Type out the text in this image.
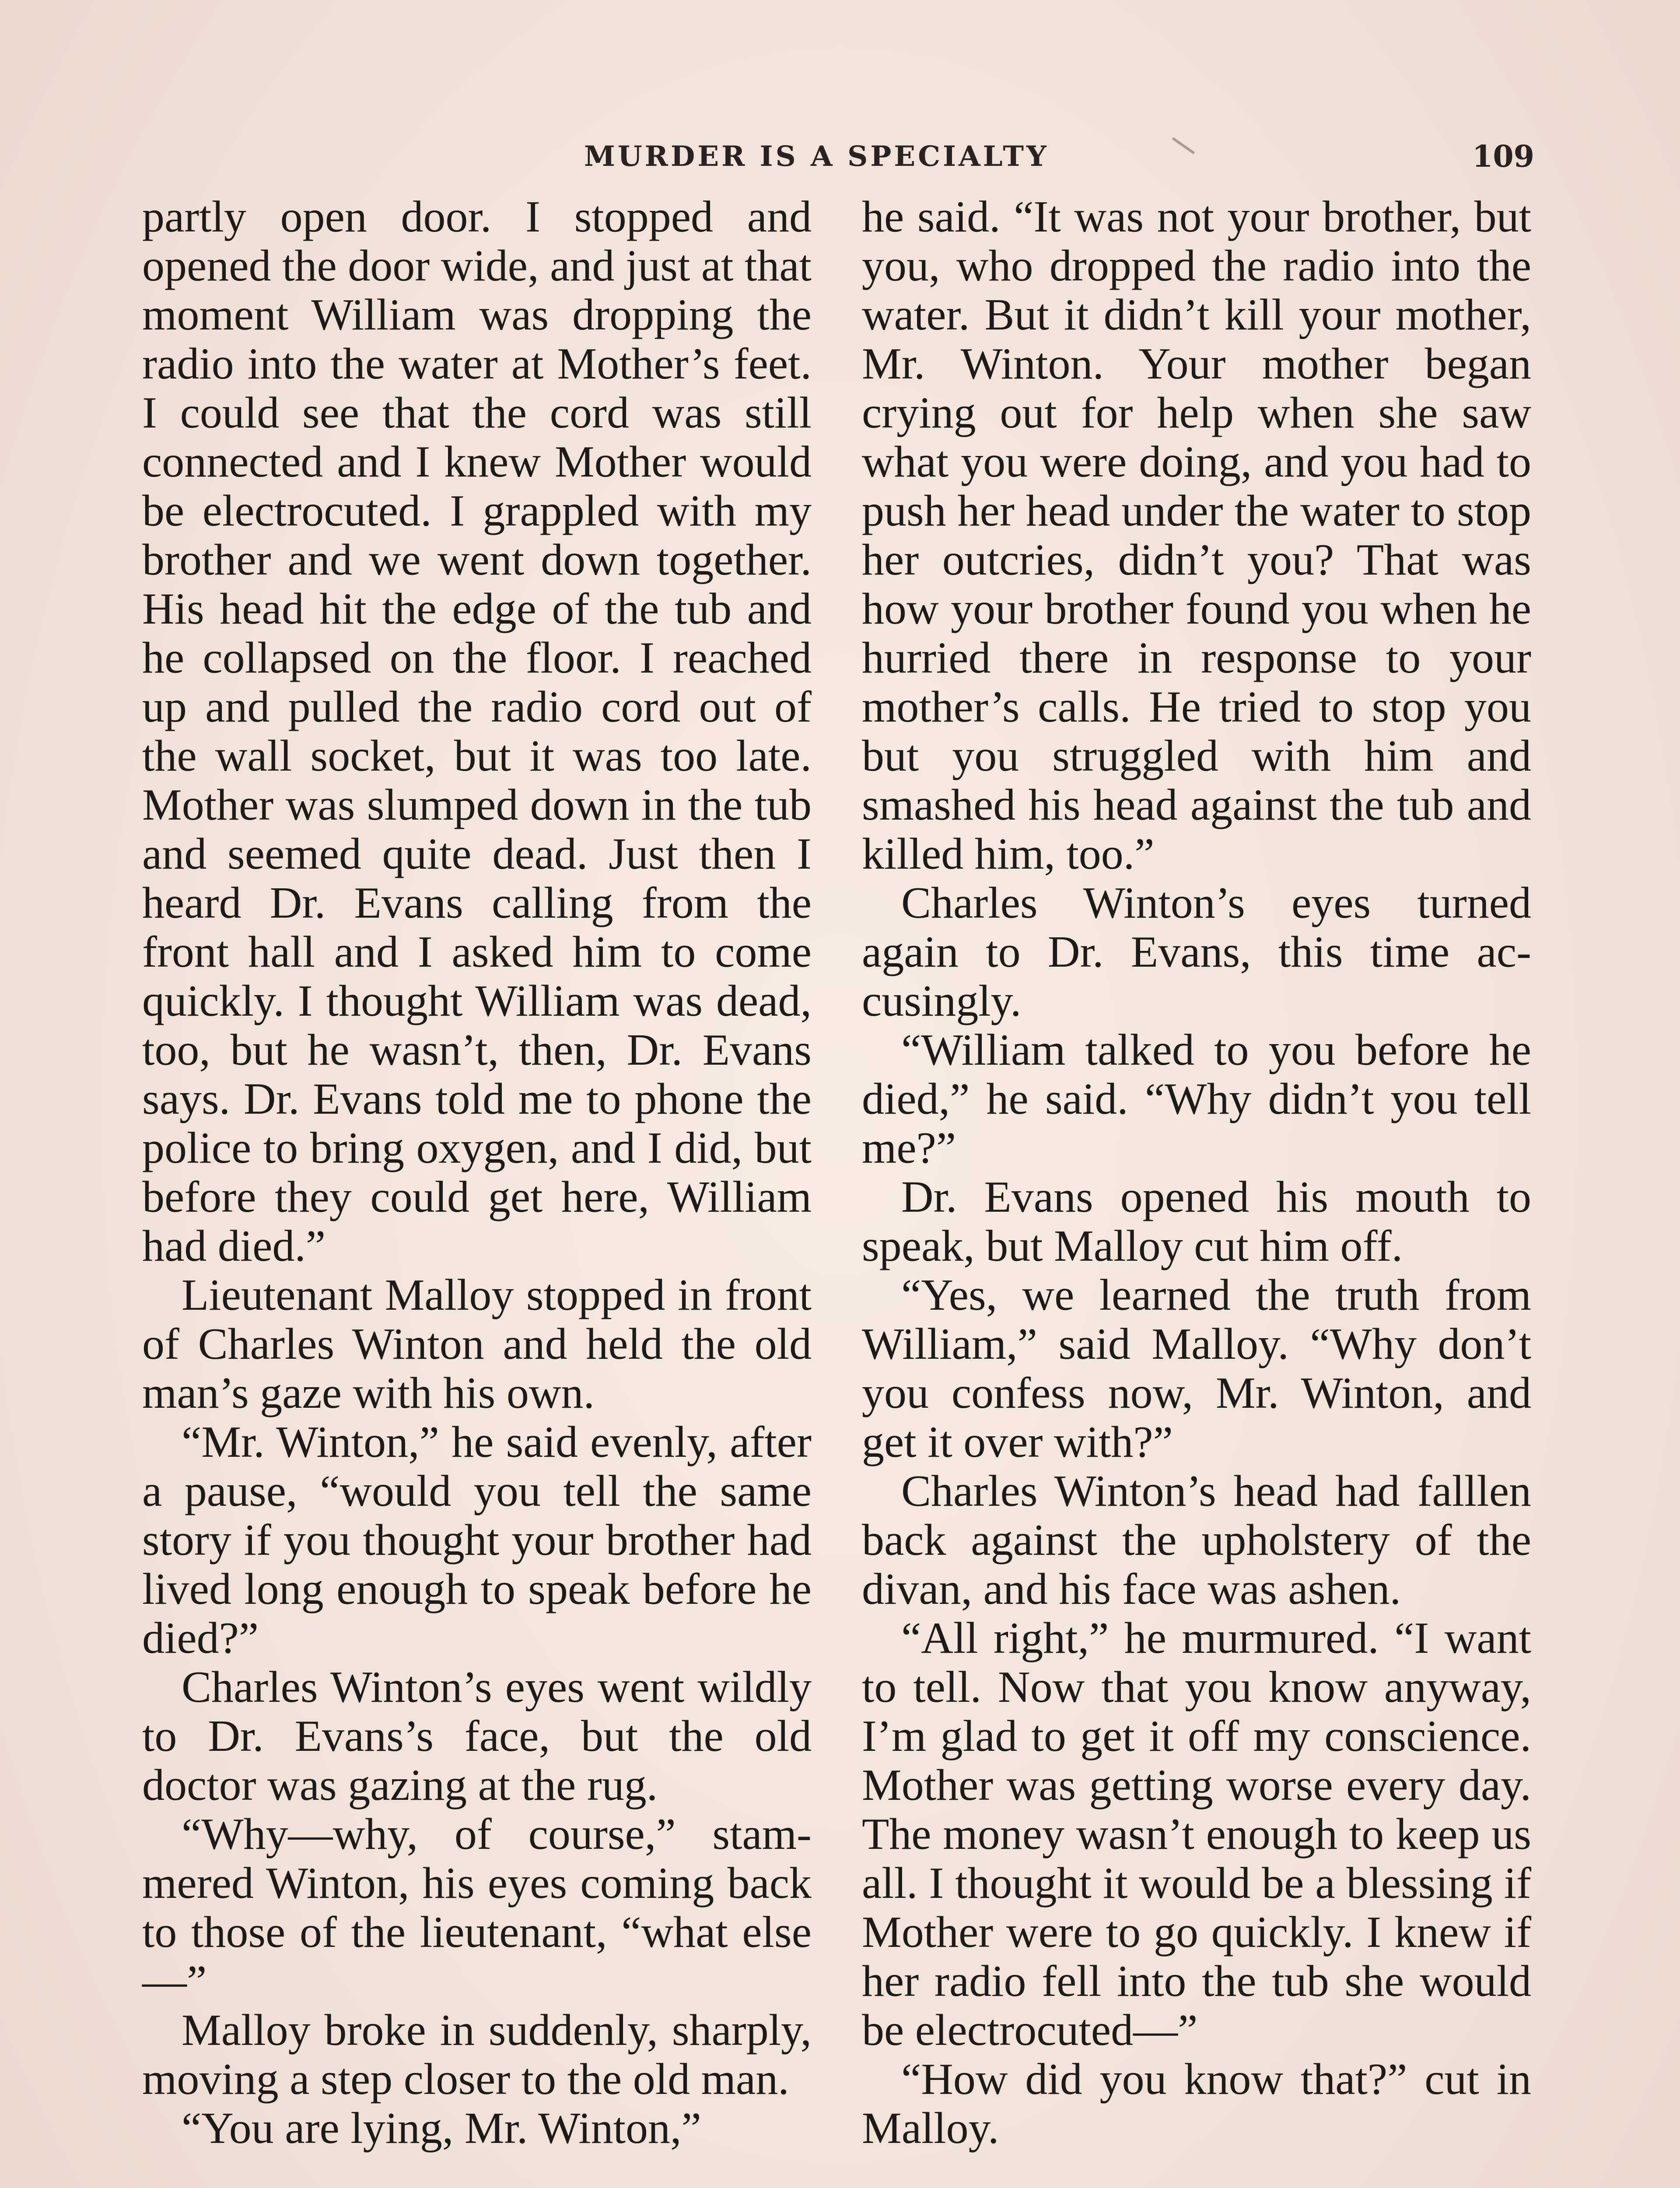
MURDER IS A SPECIALTY	109

partly open door. I stopped and opened the door wide, and just at that moment William was dropping the radio into the water at Mother’s feet. I could see that the cord was still connected and I knew Mother would be electrocuted. I grappled with my brother and we went down together. His head hit the edge of the tub and he collapsed on the floor. I reached up and pulled the radio cord out of the wall socket, but it was too late. Mother was slumped down in the tub and seemed quite dead. Just then I heard Dr. Evans calling from the front hall and I asked him to come quickly. I thought William was dead, too, but he wasn’t, then, Dr. Evans says. Dr. Evans told me to phone the police to bring oxygen, and I did, but before they could get here, William had died.”

Lieutenant Malloy stopped in front of Charles Winton and held the old man’s gaze with his own.

“Mr. Winton,” he said evenly, after a pause, “would you tell the same story if you thought your brother had lived long enough to speak before he died?”

Charles Winton’s eyes went wildly to Dr. Evans’s face, but the old doctor was gazing at the rug.

“Why—why, of course,” stammered Winton, his eyes coming back to those of the lieutenant, “what else—”

Malloy broke in suddenly, sharply, moving a step closer to the old man.

“You are lying, Mr. Winton,”

he said. “It was not your brother, but you, who dropped the radio into the water. But it didn’t kill your mother, Mr. Winton. Your mother began crying out for help when she saw what you were doing, and you had to push her head under the water to stop her outcries, didn’t you? That was how your brother found you when he hurried there in response to your mother’s calls. He tried to stop you but you struggled with him and smashed his head against the tub and killed him, too.”

Charles Winton’s eyes turned again to Dr. Evans, this time accusingly.

“William talked to you before he died,” he said. “Why didn’t you tell me?”

Dr. Evans opened his mouth to speak, but Malloy cut him off.

“Yes, we learned the truth from William,” said Malloy. “Why don’t you confess now, Mr. Winton, and get it over with?”

Charles Winton’s head had falllen back against the upholstery of the divan, and his face was ashen.

“All right,” he murmured. “I want to tell. Now that you know anyway, I’m glad to get it off my conscience. Mother was getting worse every day. The money wasn’t enough to keep us all. I thought it would be a blessing if Mother were to go quickly. I knew if her radio fell into the tub she would be electrocuted—”

“How did you know that?” cut in Malloy.
